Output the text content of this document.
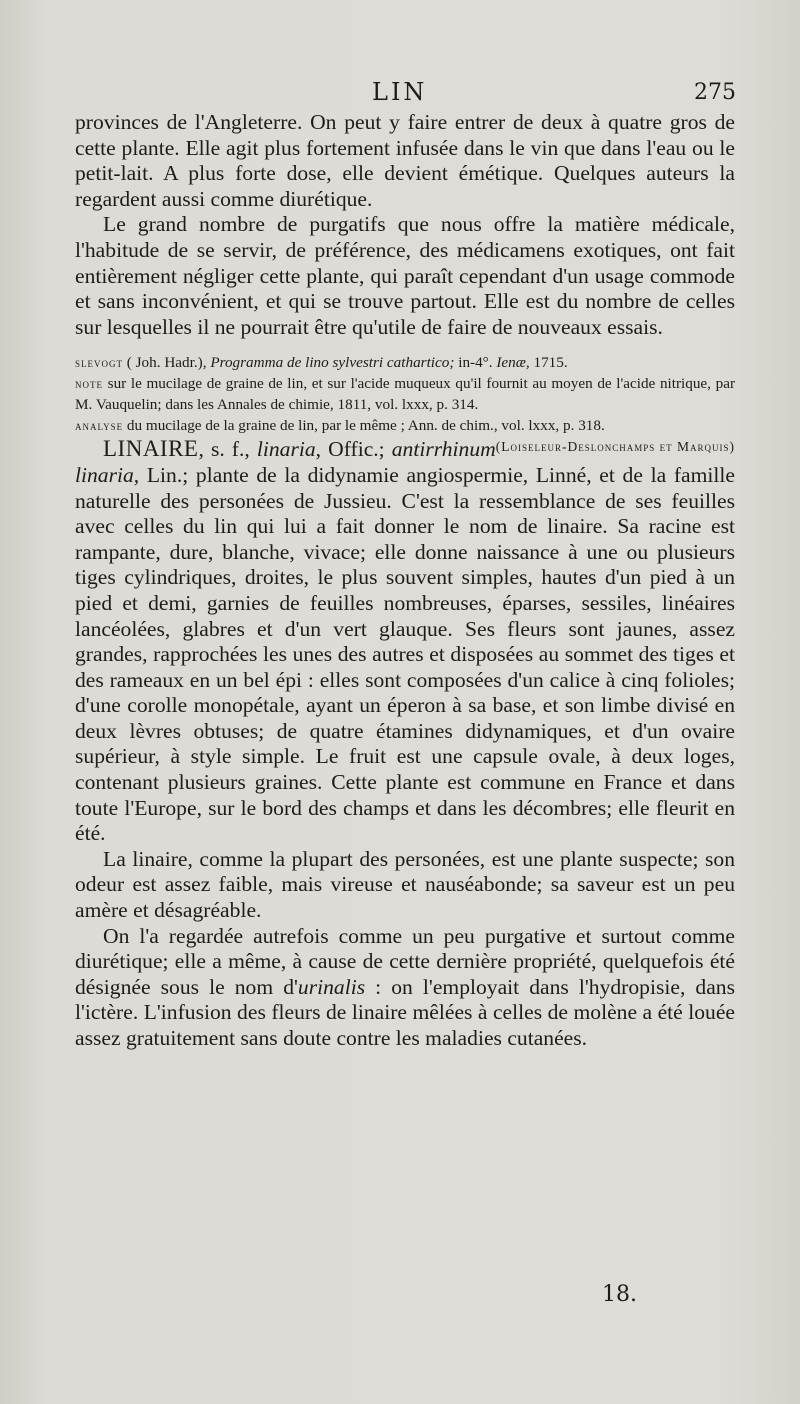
LIN	275

provinces de l'Angleterre. On peut y faire entrer de deux à quatre gros de cette plante. Elle agit plus fortement infusée dans le vin que dans l'eau ou le petit-lait. A plus forte dose, elle devient émétique. Quelques auteurs la regardent aussi comme diurétique.

Le grand nombre de purgatifs que nous offre la matière médicale, l'habitude de se servir, de préférence, des médicamens exotiques, ont fait entièrement négliger cette plante, qui paraît cependant d'un usage commode et sans inconvénient, et qui se trouve partout. Elle est du nombre de celles sur lesquelles il ne pourrait être qu'utile de faire de nouveaux essais.

slevogt ( Joh. Hadr.), Programma de lino sylvestri cathartico; in-4°. Ienæ, 1715.

note sur le mucilage de graine de lin, et sur l'acide muqueux qu'il fournit au moyen de l'acide nitrique, par M. Vauquelin; dans les Annales de chimie, 1811, vol. lxxx, p. 314.

analyse du mucilage de la graine de lin, par le même ; Ann. de chim., vol. lxxx, p. 318.
(Loiseleur-Deslonchamps et Marquis)

LINAIRE, s. f., linaria, Offic.; antirrhinum linaria, Lin.; plante de la didynamie angiospermie, Linné, et de la famille naturelle des personées de Jussieu. C'est la ressemblance de ses feuilles avec celles du lin qui lui a fait donner le nom de linaire. Sa racine est rampante, dure, blanche, vivace; elle donne naissance à une ou plusieurs tiges cylindriques, droites, le plus souvent simples, hautes d'un pied à un pied et demi, garnies de feuilles nombreuses, éparses, sessiles, linéaires lancéolées, glabres et d'un vert glauque. Ses fleurs sont jaunes, assez grandes, rapprochées les unes des autres et disposées au sommet des tiges et des rameaux en un bel épi : elles sont composées d'un calice à cinq folioles; d'une corolle monopétale, ayant un éperon à sa base, et son limbe divisé en deux lèvres obtuses; de quatre étamines didynamiques, et d'un ovaire supérieur, à style simple. Le fruit est une capsule ovale, à deux loges, contenant plusieurs graines. Cette plante est commune en France et dans toute l'Europe, sur le bord des champs et dans les décombres; elle fleurit en été.

La linaire, comme la plupart des personées, est une plante suspecte; son odeur est assez faible, mais vireuse et nauséabonde; sa saveur est un peu amère et désagréable.

On l'a regardée autrefois comme un peu purgative et surtout comme diurétique; elle a même, à cause de cette dernière propriété, quelquefois été désignée sous le nom d'urinalis : on l'employait dans l'hydropisie, dans l'ictère. L'infusion des fleurs de linaire mêlées à celles de molène a été louée assez gratuitement sans doute contre les maladies cutanées.

18.
